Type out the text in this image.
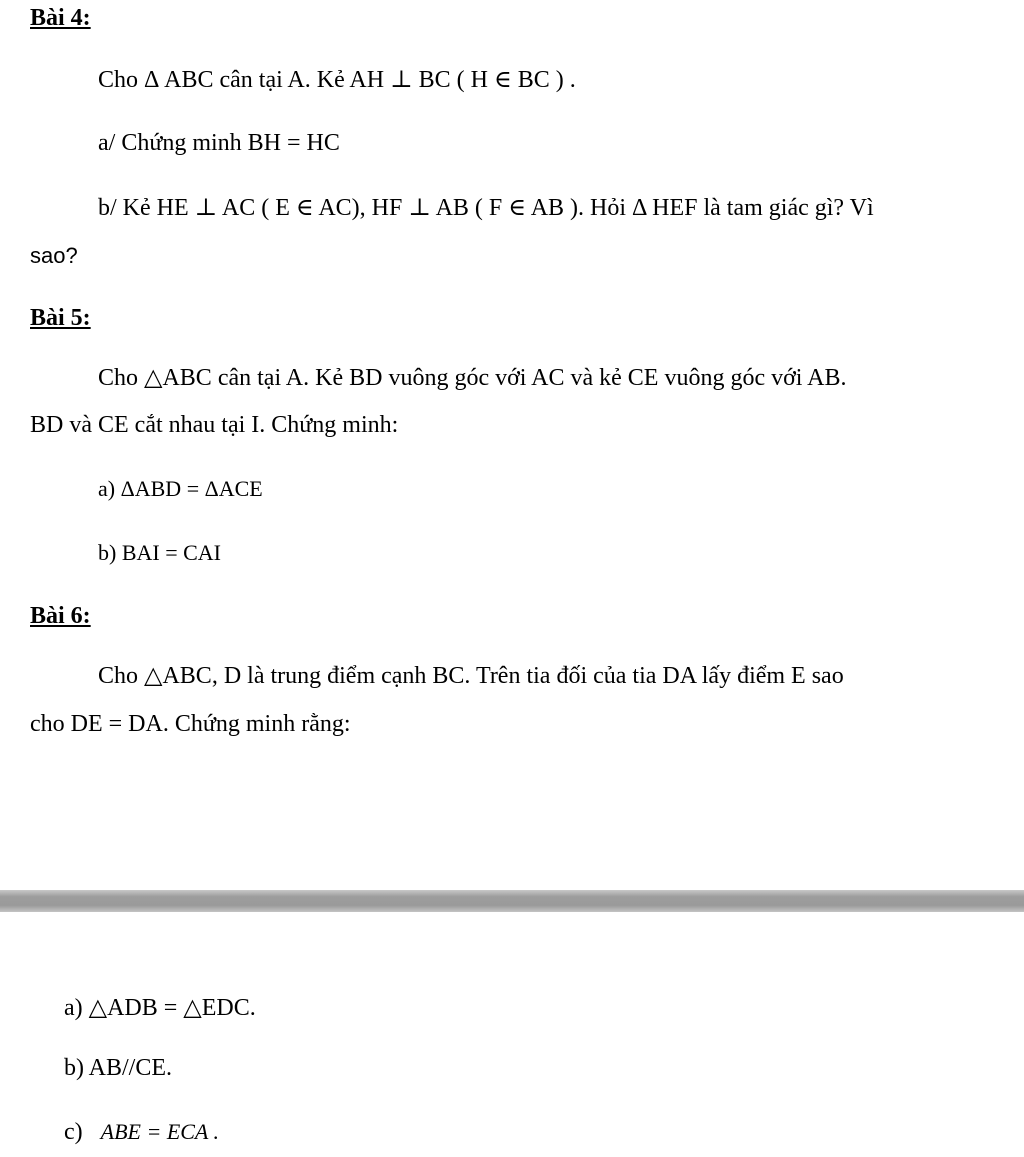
Bài 4:
Cho Δ ABC cân tại A. Kẻ AH ⊥ BC ( H ∈ BC ) .
a/ Chứng minh BH = HC
b/ Kẻ HE ⊥ AC ( E ∈ AC), HF ⊥ AB ( F ∈ AB ). Hỏi Δ HEF là tam giác gì? Vì
sao?
Bài 5:
Cho △ABC cân tại A. Kẻ BD vuông góc với AC và kẻ CE vuông góc với AB.
BD và CE cắt nhau tại I. Chứng minh:
a) ΔABD = ΔACE
b) BAI = CAI
Bài 6:
Cho △ABC, D là trung điểm cạnh BC. Trên tia đối của tia DA lấy điểm E sao
cho DE = DA. Chứng minh rằng:
a) △ADB = △EDC.
b) AB//CE.
c) ABE = ECA .
